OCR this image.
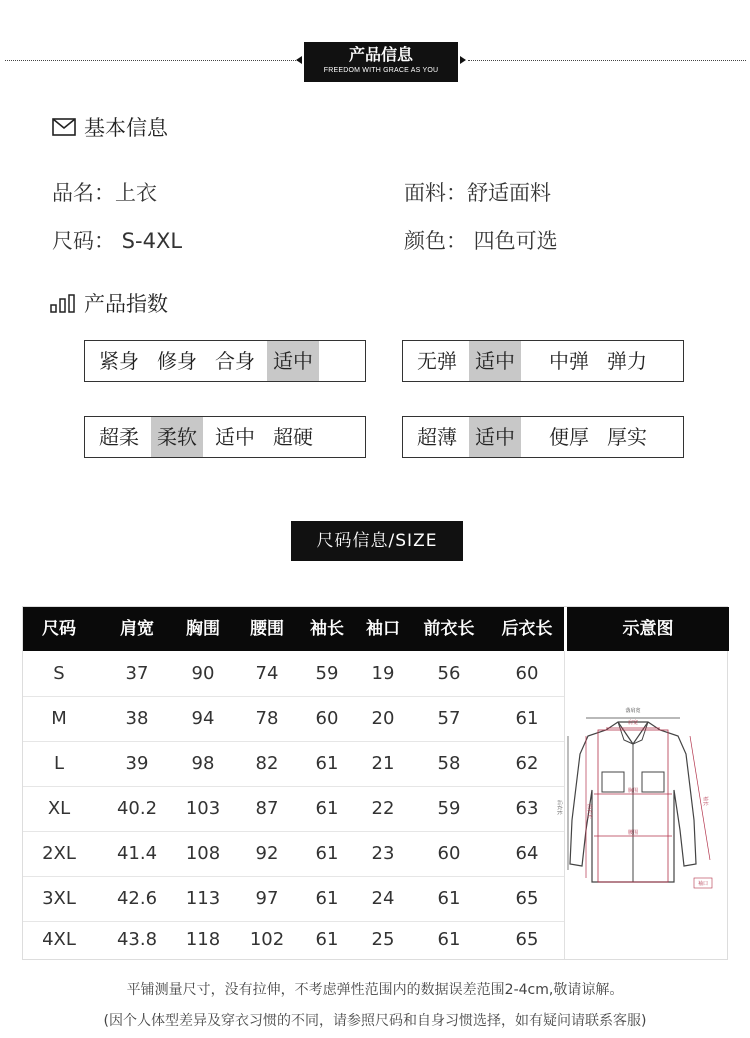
产品信息
FREEDOM WITH GRACE AS YOU
基本信息
品名：上衣	面料：舒适面料
尺码： S-4XL	颜色： 四色可选
产品指数
紧身 修身 合身 适中	无弹 适中	中弹 弹力
超柔 柔软 适中 超硬	超薄 适中	便厚 厚实
尺码信息/SIZE
尺码	肩宽	胸围	腰围	袖长	袖口	前衣长	后衣长	示意图
S	37	90	74	59	19	56	60
M	38	94	78	60	20	57	61
L	39	98	82	61	21	58	62
XL	40.2	103	87	61	22	59	63
2XL	41.4	108	92	61	23	60	64
3XL	42.6	113	97	61	24	61	65
4XL	43.8	118	102	61	25	61	65
落肩宽
肩宽
胸围
腰围
后衣长	前衣长
袖长
袖口
平铺测量尺寸，没有拉伸，不考虑弹性范围内的数据误差范围2-4cm,敬请谅解。
(因个人体型差异及穿衣习惯的不同，请参照尺码和自身习惯选择，如有疑问请联系客服)
